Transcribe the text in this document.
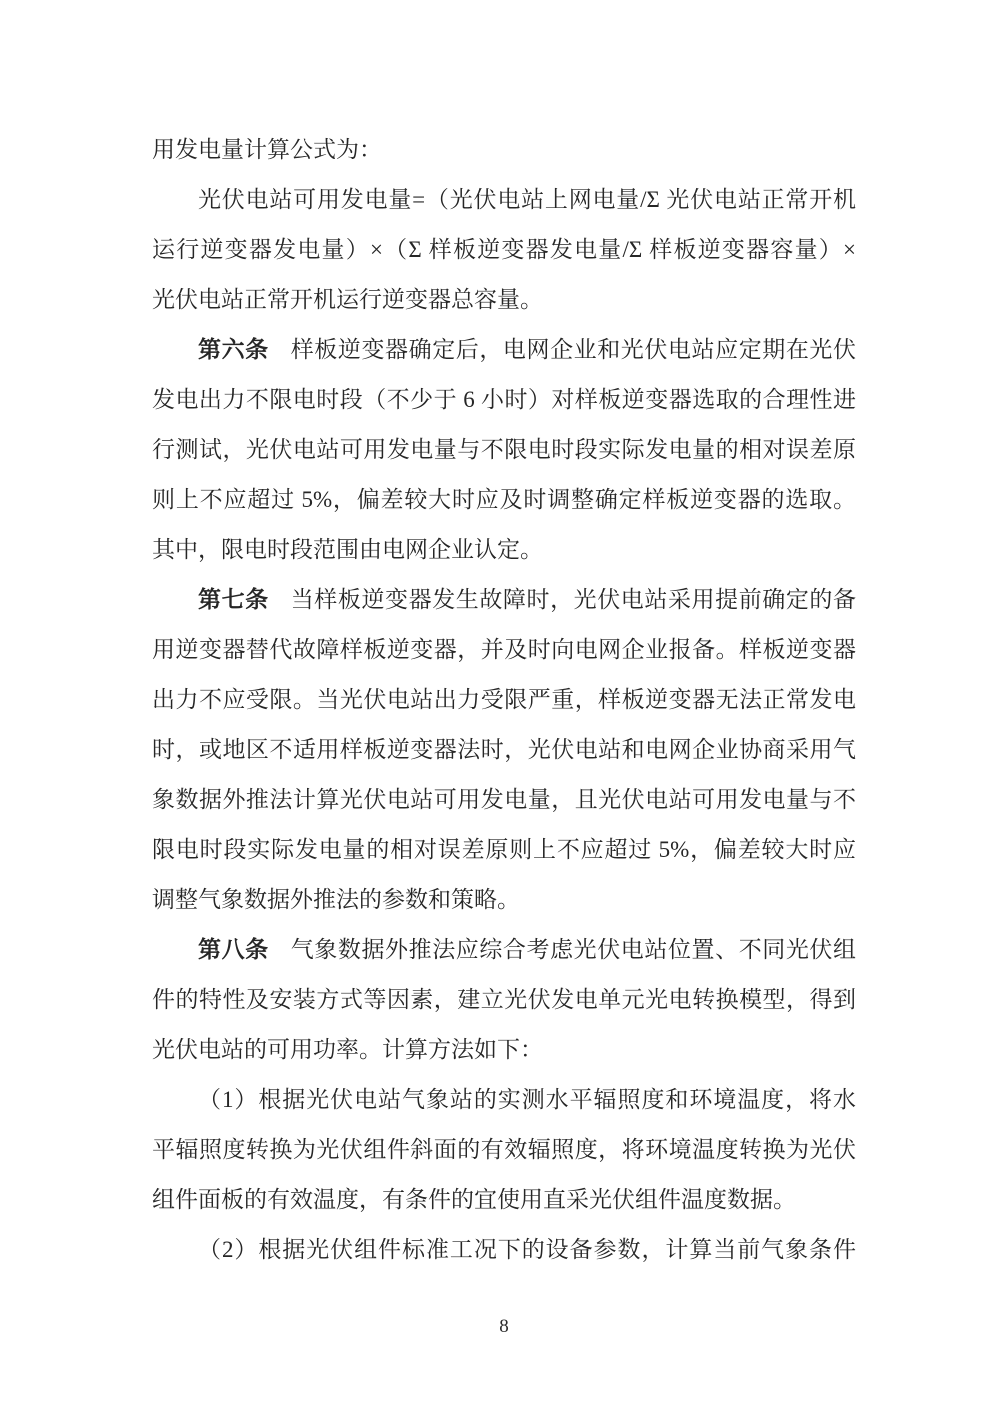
用发电量计算公式为：
光伏电站可用发电量=（光伏电站上网电量/Σ 光伏电站正常开机
运行逆变器发电量）×（Σ 样板逆变器发电量/Σ 样板逆变器容量）×
光伏电站正常开机运行逆变器总容量。
第六条 样板逆变器确定后，电网企业和光伏电站应定期在光伏
发电出力不限电时段（不少于 6 小时）对样板逆变器选取的合理性进
行测试，光伏电站可用发电量与不限电时段实际发电量的相对误差原
则上不应超过 5%，偏差较大时应及时调整确定样板逆变器的选取。
其中，限电时段范围由电网企业认定。
第七条 当样板逆变器发生故障时，光伏电站采用提前确定的备
用逆变器替代故障样板逆变器，并及时向电网企业报备。样板逆变器
出力不应受限。当光伏电站出力受限严重，样板逆变器无法正常发电
时，或地区不适用样板逆变器法时，光伏电站和电网企业协商采用气
象数据外推法计算光伏电站可用发电量，且光伏电站可用发电量与不
限电时段实际发电量的相对误差原则上不应超过 5%，偏差较大时应
调整气象数据外推法的参数和策略。
第八条 气象数据外推法应综合考虑光伏电站位置、不同光伏组
件的特性及安装方式等因素，建立光伏发电单元光电转换模型，得到
光伏电站的可用功率。计算方法如下：
（1）根据光伏电站气象站的实测水平辐照度和环境温度，将水
平辐照度转换为光伏组件斜面的有效辐照度，将环境温度转换为光伏
组件面板的有效温度，有条件的宜使用直采光伏组件温度数据。
（2）根据光伏组件标准工况下的设备参数，计算当前气象条件
8
